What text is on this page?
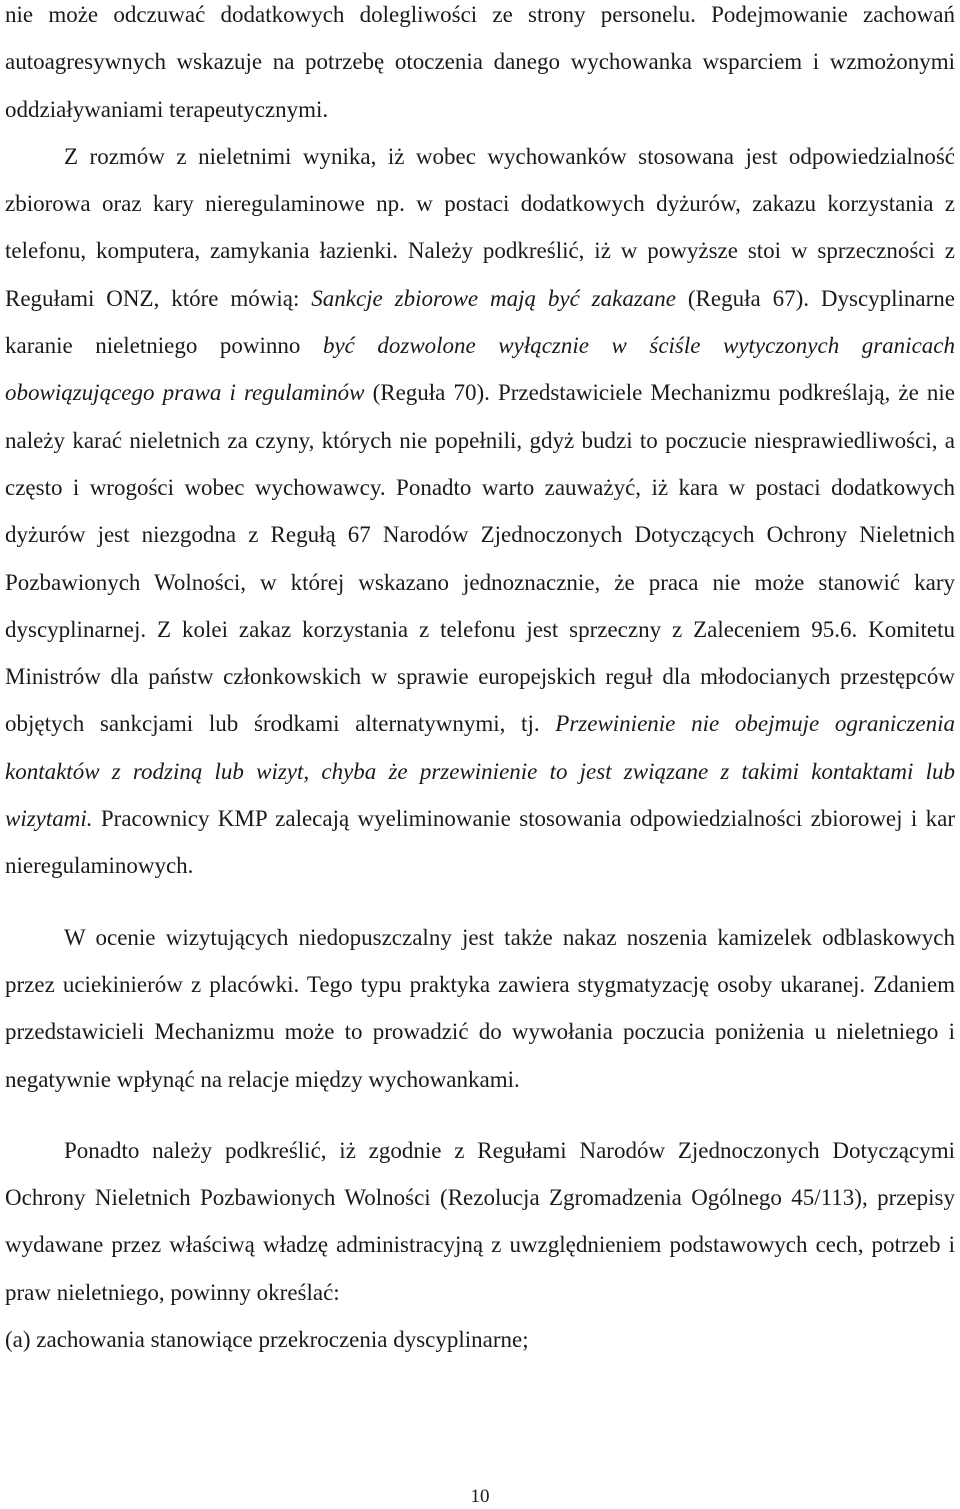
nie może odczuwać dodatkowych dolegliwości ze strony personelu. Podejmowanie zachowań autoagresywnych wskazuje na potrzebę otoczenia danego wychowanka wsparciem i wzmożonymi oddziaływaniami terapeutycznymi.

Z rozmów z nieletnimi wynika, iż wobec wychowanków stosowana jest odpowiedzialność zbiorowa oraz kary nieregulaminowe np. w postaci dodatkowych dyżurów, zakazu korzystania z telefonu, komputera, zamykania łazienki. Należy podkreślić, iż w powyższe stoi w sprzeczności z Regułami ONZ, które mówią: Sankcje zbiorowe mają być zakazane (Reguła 67). Dyscyplinarne karanie nieletniego powinno być dozwolone wyłącznie w ściśle wytyczonych granicach obowiązującego prawa i regulaminów (Reguła 70). Przedstawiciele Mechanizmu podkreślają, że nie należy karać nieletnich za czyny, których nie popełnili, gdyż budzi to poczucie niesprawiedliwości, a często i wrogości wobec wychowawcy. Ponadto warto zauważyć, iż kara w postaci dodatkowych dyżurów jest niezgodna z Regułą 67 Narodów Zjednoczonych Dotyczących Ochrony Nieletnich Pozbawionych Wolności, w której wskazano jednoznacznie, że praca nie może stanowić kary dyscyplinarnej. Z kolei zakaz korzystania z telefonu jest sprzeczny z Zaleceniem 95.6. Komitetu Ministrów dla państw członkowskich w sprawie europejskich reguł dla młodocianych przestępców objętych sankcjami lub środkami alternatywnymi, tj. Przewinienie nie obejmuje ograniczenia kontaktów z rodziną lub wizyt, chyba że przewinienie to jest związane z takimi kontaktami lub wizytami. Pracownicy KMP zalecają wyeliminowanie stosowania odpowiedzialności zbiorowej i kar nieregulaminowych.

W ocenie wizytujących niedopuszczalny jest także nakaz noszenia kamizelek odblaskowych przez uciekinierów z placówki. Tego typu praktyka zawiera stygmatyzację osoby ukaranej. Zdaniem przedstawicieli Mechanizmu może to prowadzić do wywołania poczucia poniżenia u nieletniego i negatywnie wpłynąć na relacje między wychowankami.

Ponadto należy podkreślić, iż zgodnie z Regułami Narodów Zjednoczonych Dotyczącymi Ochrony Nieletnich Pozbawionych Wolności (Rezolucja Zgromadzenia Ogólnego 45/113), przepisy wydawane przez właściwą władzę administracyjną z uwzględnieniem podstawowych cech, potrzeb i praw nieletniego, powinny określać:

(a) zachowania stanowiące przekroczenia dyscyplinarne;

10
